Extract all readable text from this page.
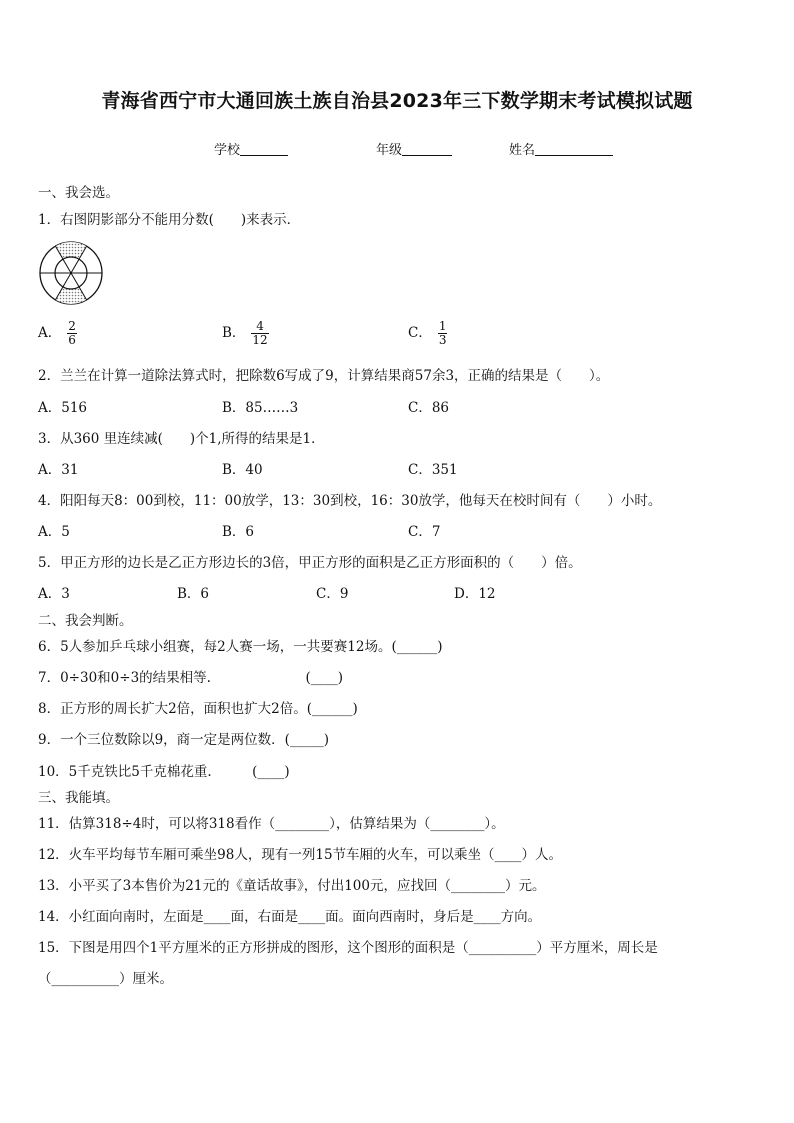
青海省西宁市大通回族土族自治县2023年三下数学期末考试模拟试题
学校	年级	姓名
一、我会选。
1．右图阴影部分不能用分数(　　)来表示．
A． $\frac{2}{6}$	B． $\frac{4}{12}$	C． $\frac{1}{3}$
2．兰兰在计算一道除法算式时，把除数6写成了9，计算结果商57余3，正确的结果是（　　）。
A．516	B．85……3	C．86
3．从360 里连续减(　　)个1,所得的结果是1．
A．31	B．40	C．351
4．阳阳每天8：00到校，11：00放学，13：30到校，16：30放学，他每天在校时间有（　　）小时。
A．5	B．6	C．7
5．甲正方形的边长是乙正方形边长的3倍，甲正方形的面积是乙正方形面积的（　　）倍。
A．3	B．6	C．9	D．12
二、我会判断。
6．5人参加乒乓球小组赛，每2人赛一场，一共要赛12场。(______)
7．0÷30和0÷3的结果相等.　　　　　　　(____)
8．正方形的周长扩大2倍，面积也扩大2倍。(______)
9．一个三位数除以9，商一定是两位数．(_____)
10．5千克铁比5千克棉花重.　　　(____)
三、我能填。
11．估算318÷4时，可以将318看作（________），估算结果为（________）。
12．火车平均每节车厢可乘坐98人，现有一列15节车厢的火车，可以乘坐（____）人。
13．小平买了3本售价为21元的《童话故事》，付出100元，应找回（________）元。
14．小红面向南时，左面是____面，右面是____面。面向西南时，身后是____方向。
15．下图是用四个1平方厘米的正方形拼成的图形，这个图形的面积是（__________）平方厘米，周长是
（__________）厘米。
